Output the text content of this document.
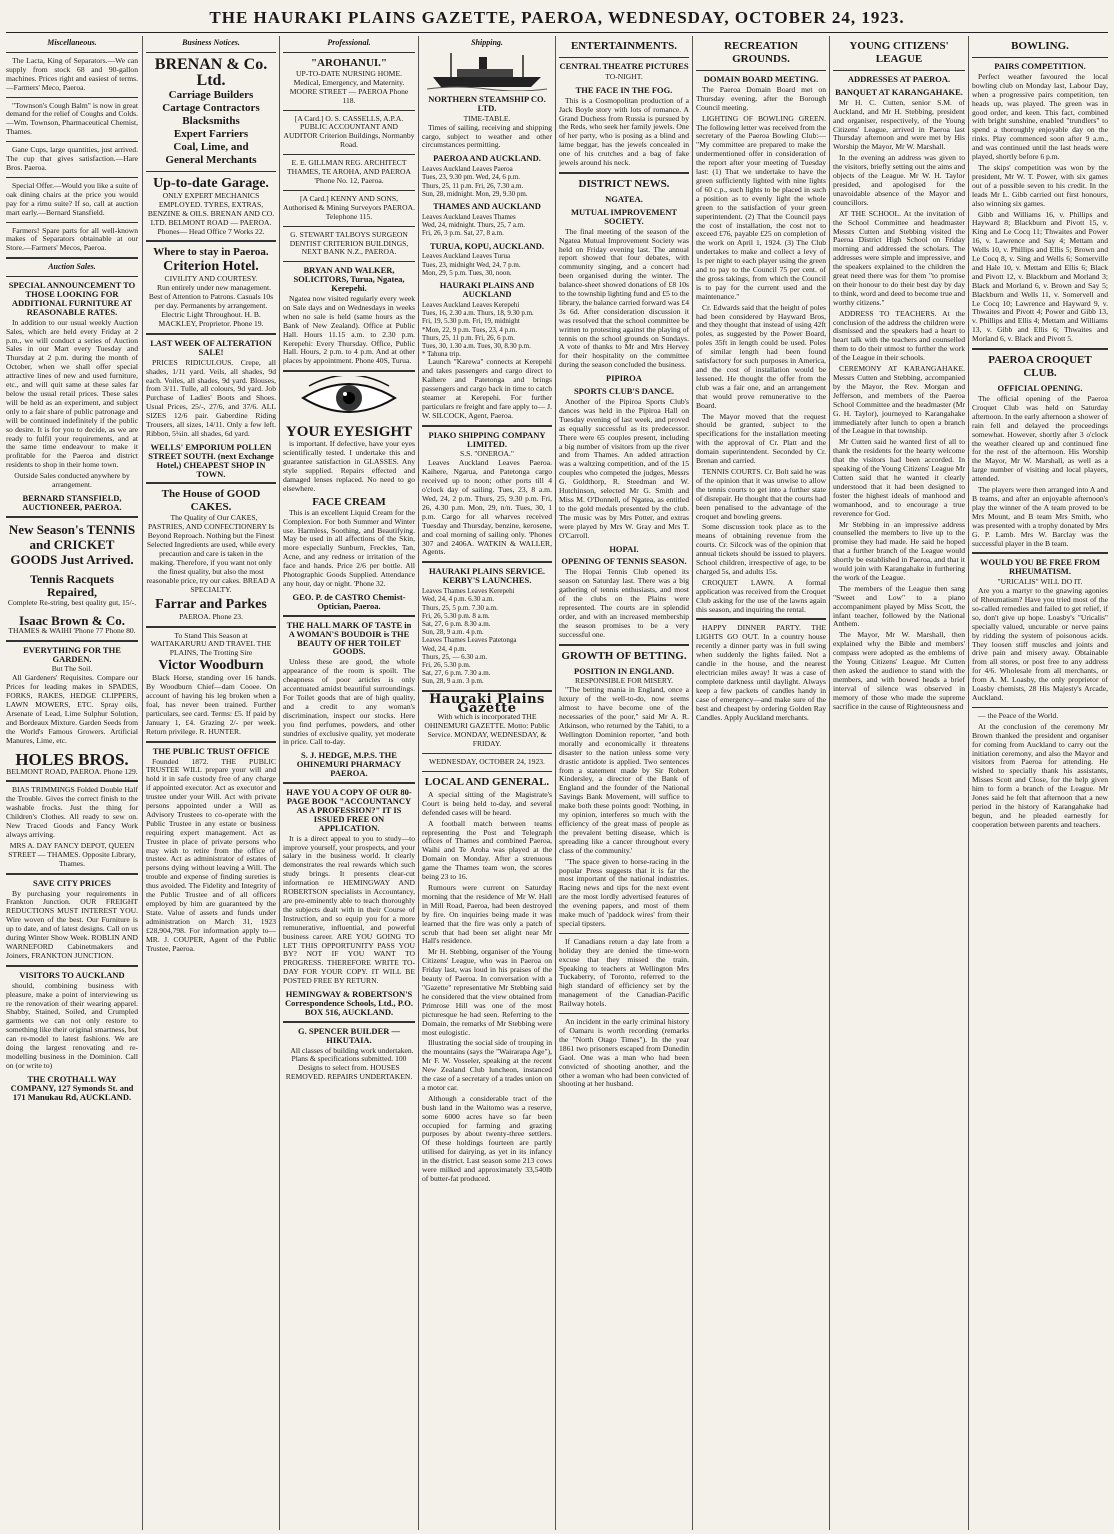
THE HAURAKI PLAINS GAZETTE, PAEROA, WEDNESDAY, OCTOBER 24, 1923.
Miscellaneous.

The Lacta, King of Separators.—We can supply from stock 68 and 90-gallon machines. Prices right and easiest of terms.—Farmers' Meco, Paeroa.

"Townson's Cough Balm" is now in great demand for the relief of Coughs and Colds.—Wm. Townson, Pharmaceutical Chemist, Thames.

Gane Cups, large quantities, just arrived. The cup that gives satisfaction.—Hare Bros. Paeroa.

Special Offer.—Would you like a suite of oak dining chairs at the price you would pay for a rimu suite? If so, call at auction mart early.—Bernard Stansfield.

Farmers! Spare parts for all well-known makes of Separators obtainable at our Store.—Farmers' Mecos, Paeroa.

Auction Sales.
SPECIAL ANNOUNCEMENT TO THOSE LOOKING FOR ADDITIONAL FURNITURE AT REASONABLE RATES.

In addition to our usual weekly Auction Sales, which are held every Friday at 2 p.m., we will conduct a series of Auction Sales in our Mart every Tuesday and Thursday at 2 p.m. during the month of October, when we shall offer special attractive lines of new and used furniture, etc., and will quit same at these sales far below the usual retail prices. These sales will be held as an experiment, and subject only to a fair share of public patronage and will be continued indefinitely if the public so desire. It is for you to decide, as we are ready to fulfil your requirements, and at the same time endeavour to make it profitable for the Paeroa and district residents to shop in their home town.

Outside Sales conducted anywhere by arrangement.
BERNARD STANSFIELD, AUCTIONEER, PAEROA.
New Season's TENNIS and CRICKET GOODS Just Arrived.
Tennis Racquets Repaired,
Complete Re-string, best quality gut, 15/-.
Isaac Brown & Co.
THAMES & WAIHI 'Phone 77 Phone 80.
EVERYTHING FOR THE GARDEN.
But The Soil.

All Gardeners' Requisites. Compare our Prices for leading makes in SPADES, FORKS, RAKES, HEDGE CLIPPERS, LAWN MOWERS, ETC. Spray oils, Arsenate of Lead, Lime Sulphur Solution, and Bordeaux Mixture. Garden Seeds from the World's Famous Growers. Artificial Manures, Lime, etc.

HOLES BROS.
BELMONT ROAD, PAEROA. Phone 129.

BIAS TRIMMINGS Folded Double Half the Trouble. Gives the correct finish to the washable frocks. Just the thing for Children's Clothes. All ready to sew on. New Traced Goods and Fancy Work always arriving.

MRS A. DAY FANCY DEPOT, QUEEN STREET — THAMES. Opposite Library, Thames.
SAVE CITY PRICES

By purchasing your requirements in Frankton Junction. OUR FREIGHT REDUCTIONS MUST INTEREST YOU. Wire woven of the best. Our Furniture is up to date, and of latest designs. Call on us during Winter Show Week. ROBLIN AND WARNEFORD Cabinetmakers and Joiners, FRANKTON JUNCTION.

VISITORS TO AUCKLAND

should, combining business with pleasure, make a point of interviewing us re the renovation of their wearing apparel. Shabby, Stained, Soiled, and Crumpled garments we can not only restore to something like their original smartness, but can re-model to latest fashions. We are doing the largest renovating and re-modelling business in the Dominion. Call on (or write to)

THE CROTHALL WAY COMPANY, 127 Symonds St. and 171 Manukau Rd, AUCKLAND.
Business Notices.
BRENAN & Co. Ltd.
Carriage Builders
Cartage Contractors
Blacksmiths
Expert Farriers
Coal, Lime, and
General Merchants
Up-to-date Garage.
ONLY EXPERT MECHANICS EMPLOYED. TYRES, EXTRAS, BENZINE & OILS. BRENAN AND CO. LTD. BELMONT ROAD — PAEROA. Phones— Head Office 7 Works 22.
Where to stay in Paeroa.
Criterion Hotel.
CIVILITY AND COURTESY.

Run entirely under new management. Best of Attention to Patrons. Casuals 10s per day. Permanents by arrangement. Electric Light Throughout. H. B. MACKLEY, Proprietor. Phone 19.

LAST WEEK OF ALTERATION SALE!

PRICES RIDICULOUS. Crepe, all shades, 1/11 yard. Veils, all shades, 9d each. Voiles, all shades, 9d yard. Blouses, from 3/11. Tulle, all colours, 9d yard. Job Purchase of Ladies' Boots and Shoes. Usual Prices, 25/-, 27/6, and 37/6. ALL SIZES 12/6 pair. Gaberdine Riding Trousers, all sizes, 14/11. Only a few left. Ribbon, 5¼in. all shades, 6d yard.

WELLS' EMPORIUM POLLEN STREET SOUTH. (next Exchange Hotel,) CHEAPEST SHOP IN TOWN.
The House of GOOD CAKES.

The Quality of Our CAKES, PASTRIES, AND CONFECTIONERY Is Beyond Reproach. Nothing but the Finest Selected Ingredients are used, while every precaution and care is taken in the making. Therefore, if you want not only the finest quality, but also the most reasonable price, try our cakes. BREAD A SPECIALTY.

Farrar and Parkes
PAEROA. Phone 23.
To Stand This Season at WAITAKARURU AND TRAVEL THE PLAINS, The Trotting Sire
Victor Woodburn

Black Horse, standing over 16 hands. By Woodburn Chief—dam Cooee. On account of having his leg broken when a foal, has never been trained. Further particulars, see card. Terms: £5. If paid by January 1, £4. Grazing 2/- per week. Return privilege. R. HUNTER.

THE PUBLIC TRUST OFFICE

Founded 1872. THE PUBLIC TRUSTEE WILL prepare your will and hold it in safe custody free of any charge if appointed executor. Act as executor and trustee under your Will. Act with private persons appointed under a Will as Advisory Trustees to co-operate with the Public Trustee in any estate or business requiring expert management. Act as Trustee in place of private persons who may wish to retire from the office of trustee. Act as administrator of estates of persons dying without leaving a Will. The trouble and expense of finding sureties is thus avoided. The Fidelity and Integrity of the Public Trustee and of all officers employed by him are guaranteed by the State. Value of assets and funds under administration on March 31, 1923 £28,904,798. For information apply to— MR. J. COUPER, Agent of the Public Trustee, Paeroa.

Professional.
"AROHANUI."
UP-TO-DATE NURSING HOME. Medical, Emergency, and Maternity. MOORE STREET — PAEROA Phone 118.
[A Card.] O. S. CASSELLS, A.P.A. PUBLIC ACCOUNTANT AND AUDITOR Criterion Buildings, Normanby Road.
E. E. GILLMAN REG. ARCHITECT THAMES, TE AROHA, AND PAEROA 'Phone No. 12, Paeroa.
[A Card.] KENNY AND SONS, Authorised & Mining Surveyors PAEROA. Telephone 115.
G. STEWART TALBOYS SURGEON DENTIST CRITERION BUILDINGS, NEXT BANK N.Z., PAEROA.
BRYAN AND WALKER, SOLICITORS, Turua, Ngatea, Kerepehi.

Ngatea now visited regularly every week on Sale days and on Wednesdays in weeks when no sale is held (same hours as the Bank of New Zealand). Office at Public Hall. Hours 11.15 a.m. to 2.30 p.m. Kerepehi: Every Thursday. Office, Public Hall. Hours, 2 p.m. to 4 p.m. And at other places by appointment. Phone 40S, Turua.

YOUR EYESIGHT

is important. If defective, have your eyes scientifically tested. I undertake this and guarantee satisfaction in GLASSES. Any style supplied. Repairs effected and damaged lenses replaced. No need to go elsewhere.

FACE CREAM

This is an excellent Liquid Cream for the Complexion. For both Summer and Winter use. Harmless, Soothing, and Beautifying. May be used in all affections of the Skin, more especially Sunburn, Freckles, Tan, Acne, and any redness or irritation of the face and hands. Price 2/6 per bottle. All Photographic Goods Supplied. Attendance any hour, day or night. 'Phone 32.

GEO. P. de CASTRO Chemist-Optician, Paeroa.
THE HALL MARK OF TASTE in A WOMAN'S BOUDOIR is THE BEAUTY OF HER TOILET GOODS.

Unless these are good, the whole appearance of the room is spoilt. The cheapness of poor articles is only accentuated amidst beautiful surroundings. For Toilet goods that are of high quality, and a credit to any woman's discrimination, inspect our stocks. Here you find perfumes, powders, and other sundries of exclusive quality, yet moderate in price. Call to-day.

S. J. HEDGE, M.P.S. THE OHINEMURI PHARMACY PAEROA.
HAVE YOU A COPY OF OUR 80-PAGE BOOK "ACCOUNTANCY AS A PROFESSION?" IT IS ISSUED FREE ON APPLICATION.

It is a direct appeal to you to study—to improve yourself, your prospects, and your salary in the business world. It clearly demonstrates the real rewards which such study brings. It presents clear-cut information re HEMINGWAY AND ROBERTSON specialists in Accountancy, are pre-eminently able to teach thoroughly the subjects dealt with in their Course of Instruction, and so equip you for a more remunerative, influential, and powerful business career. ARE YOU GOING TO LET THIS OPPORTUNITY PASS YOU BY? NOT IF YOU WANT TO PROGRESS. THEREFORE WRITE TO-DAY FOR YOUR COPY. IT WILL BE POSTED FREE BY RETURN.

HEMINGWAY & ROBERTSON'S Correspondence Schools, Ltd., P.O. BOX 516, AUCKLAND.
G. SPENCER BUILDER — HIKUTAIA.

All classes of building work undertaken. Plans & specifications submitted. 100 Designs to select from. HOUSES REMOVED. REPAIRS UNDERTAKEN.

Shipping.
NORTHERN STEAMSHIP CO. LTD.
TIME-TABLE.

Times of sailing, receiving and shipping cargo, subject to weather and other circumstances permitting.

PAEROA AND AUCKLAND.
Leaves Auckland Leaves Paeroa
Tues, 23, 9.30 pm. Wed, 24, 6 p.m.
Thurs, 25, 11 p.m. Fri, 26, 7.30 a.m.
Sun, 28, midnight. Mon, 29, 9.30 pm.
THAMES AND AUCKLAND
Leaves Auckland Leaves Thames
Wed, 24, midnight. Thurs, 25, 7 a.m.
Fri, 26, 3 p.m. Sat, 27, 8 a.m.
TURUA, KOPU, AUCKLAND.
Leaves Auckland Leaves Turua
Tues, 23, midnight Wed, 24, 7 p.m.
Mon, 29, 5 p.m. Tues, 30, noon.
HAURAKI PLAINS AND AUCKLAND
Leaves Auckland Leaves Kerepehi
Tues, 16, 2.30 a.m. Thurs, 18, 9.30 p.m.
Fri, 19, 5.30 p.m. Fri, 19, midnight
*Mon, 22, 9 p.m. Tues, 23, 4 p.m.
Thurs, 25, 11 p.m. Fri, 26, 6 p.m.
Tues, 30, 1.30 a.m. Tues, 30, 8.30 p.m.
* Tahuna trip.

Launch "Karewa" connects at Kerepehi and takes passengers and cargo direct to Kaihere and Patetonga and brings passengers and cargo back in time to catch steamer at Kerepehi. For further particulars re freight and fare apply to— J. W. SILCOCK, Agent, Paeroa.

PIAKO SHIPPING COMPANY LIMITED.
S.S. "ONEROA."

Leaves Auckland Leaves Paeroa. Kaihere, Ngarua, and Patetonga cargo received up to noon; other ports till 4 o'clock day of sailing. Tues, 23, 8 a.m. Wed, 24, 2 p.m. Thurs, 25, 9.30 p.m. Fri, 26, 4.30 p.m. Mon, 29, n/n. Tues, 30, 1 p.m. Cargo for all wharves received Tuesday and Thursday, benzine, kerosene, and coal morning of sailing only. 'Phones 307 and 2406A. WATKIN & WALLER, Agents.

HAURAKI PLAINS SERVICE. KERBY'S LAUNCHES.
Leaves Thames Leaves Kerepehi
Wed, 24, 4 p.m. 6.30 a.m.
Thurs, 25, 5 p.m. 7.30 a.m.
Fri, 26, 5.30 p.m. 8 a.m.
Sat, 27, 6 p.m. 8.30 a.m.
Sun, 28, 9 a.m. 4 p.m.
Leaves Thames Leaves Patetonga
Wed, 24, 4 p.m.
Thurs, 25, — 6.30 a.m.
Fri, 26, 5.30 p.m.
Sat, 27, 6 p.m. 7.30 a.m.
Sun, 28, 9 a.m. 3 p.m.
Hauraki Plains Gazette
With which is incorporated THE OHINEMURI GAZETTE. Motto: Public Service. MONDAY, WEDNESDAY, & FRIDAY.
WEDNESDAY, OCTOBER 24, 1923.
LOCAL AND GENERAL.

A special sitting of the Magistrate's Court is being held to-day, and several defended cases will be heard.

A football match between teams representing the Post and Telegraph offices of Thames and combined Paeroa, Waihi and Te Aroha was played at the Domain on Monday. After a strenuous game the Thames team won, the scores being 23 to 16.

Rumours were current on Saturday morning that the residence of Mr W. Hall in Mill Road, Paeroa, had been destroyed by fire. On inquiries being made it was learned that the fire was only a patch of scrub that had been set alight near Mr Hall's residence.

Mr H. Stebbing, organiser of the Young Citizens' League, who was in Paeroa on Friday last, was loud in his praises of the beauty of Paeroa. In conversation with a "Gazette" representative Mr Stebbing said he considered that the view obtained from Primrose Hill was one of the most picturesque he had seen. Referring to the Domain, the remarks of Mr Stebbing were most eulogistic.

Illustrating the social side of trouping in the mountains (says the "Wairarapa Age"), Mr F. W. Vosseler, speaking at the recent New Zealand Club luncheon, instanced the case of a secretary of a trades union on a motor car.

Although a considerable tract of the bush land in the Waitomo was a reserve, some 6000 acres have so far been occupied for farming and grazing purposes by about twenty-three settlers. Of these holdings fourteen are partly utilised for dairying, as yet in its infancy in the district. Last season some 213 cows were milked and approximately 33,540lb of butter-fat produced.

ENTERTAINMENTS.
CENTRAL THEATRE PICTURES
TO-NIGHT.
THE FACE IN THE FOG.

This is a Cosmopolitan production of a Jack Boyle story with lots of romance. A Grand Duchess from Russia is pursued by the Reds, who seek her family jewels. One of her party, who is posing as a blind and lame beggar, has the jewels concealed in one of his crutches and a bag of fake jewels around his neck.

DISTRICT NEWS.
NGATEA.
MUTUAL IMPROVEMENT SOCIETY.

The final meeting of the season of the Ngatea Mutual Improvement Society was held on Friday evening last. The annual report showed that four debates, with community singing, and a concert had been organised during the winter. The balance-sheet showed donations of £8 10s to the township lighting fund and £5 to the library, the balance carried forward was £4 3s 6d. After consideration discussion it was resolved that the school committee be written to protesting against the playing of tennis on the school grounds on Sundays. A vote of thanks to Mr and Mrs Hervey for their hospitality on the committee during the season concluded the business.

PIPIROA
SPORTS CLUB'S DANCE.

Another of the Pipiroa Sports Club's dances was held in the Pipiroa Hall on Tuesday evening of last week, and proved as equally successful as its predecessor. There were 65 couples present, including a big number of visitors from up the river and from Thames. An added attraction was a waltzing competition, and of the 15 couples who competed the judges, Messrs G. Goldthorp, R. Steedman and W. Hutchinson, selected Mr G. Smith and Miss M. O'Donnell, of Ngatea, as entitled to the gold medals presented by the club. The music was by Mrs Potter, and extras were played by Mrs W. Gray and Mrs T. O'Carroll.

HOPAI.
OPENING OF TENNIS SEASON.

The Hopai Tennis Club opened its season on Saturday last. There was a big gathering of tennis enthusiasts, and most of the clubs on the Plains were represented. The courts are in splendid order, and with an increased membership the season promises to be a very successful one.

GROWTH OF BETTING.
POSITION IN ENGLAND.
RESPONSIBLE FOR MISERY.

"The betting mania in England, once a luxury of the well-to-do, now seems almost to have become one of the necessaries of the poor," said Mr A. R. Atkinson, who returned by the Tahiti, to a Wellington Dominion reporter, "and both morally and economically it threatens disaster to the nation unless some very drastic antidote is applied. Two sentences from a statement made by Sir Robert Kindersley, a director of the Bank of England and the founder of the National Savings Bank Movement, will suffice to make both these points good: 'Nothing, in my opinion, interferes so much with the efficiency of the great mass of people as the prevalent betting disease, which is spreading like a cancer throughout every class of the community.'

"The space given to horse-racing in the popular Press suggests that it is far the most important of the national industries. Racing news and tips for the next event are the most lordly advertised features of the evening papers, and most of them make much of 'paddock wires' from their special tipsters.

If Canadians return a day late from a holiday they are denied the time-worn excuse that they missed the train. Speaking to teachers at Wellington Mrs Tuckaberry, of Toronto, referred to the high standard of efficiency set by the management of the Canadian-Pacific Railway hotels.

An incident in the early criminal history of Oamaru is worth recording (remarks the "North Otago Times"). In the year 1861 two prisoners escaped from Dunedin Gaol. One was a man who had been convicted of shooting another, and the other a woman who had been convicted of shooting at her husband.

RECREATION GROUNDS.
DOMAIN BOARD MEETING.

The Paeroa Domain Board met on Thursday evening, after the Borough Council meeting.

LIGHTING OF BOWLING GREEN. The following letter was received from the secretary of the Paeroa Bowling Club:— "My committee are prepared to make the undermentioned offer in consideration of the report after your meeting of Tuesday last: (1) That we undertake to have the green sufficiently lighted with nine lights of 60 c.p., such lights to be placed in such a position as to evenly light the whole green to the satisfaction of your green superintendent. (2) That the Council pays the cost of installation, the cost not to exceed £76, payable £25 on completion of the work on April 1, 1924. (3) The Club undertakes to make and collect a levy of 1s per night to each player using the green and to pay to the Council 75 per cent. of the gross takings, from which the Council is to pay for the current used and the maintenance."

Cr. Edwards said that the height of poles had been considered by Hayward Bros, and they thought that instead of using 42ft poles, as suggested by the Power Board, poles 35ft in length could be used. Poles of similar length had been found satisfactory for such purposes in America, and the cost of installation would be lessened. He thought the offer from the club was a fair one, and an arrangement that would prove remunerative to the Board.

The Mayor moved that the request should be granted, subject to the specifications for the installation meeting with the approval of Cr. Platt and the domain superintendent. Seconded by Cr. Brenan and carried.

TENNIS COURTS. Cr. Bolt said he was of the opinion that it was unwise to allow the tennis courts to get into a further state of disrepair. He thought that the courts had been penalised to the advantage of the croquet and bowling greens.

Some discussion took place as to the means of obtaining revenue from the courts. Cr. Silcock was of the opinion that annual tickets should be issued to players. School children, irrespective of age, to be charged 5s, and adults 15s.

CROQUET LAWN. A formal application was received from the Croquet Club asking for the use of the lawns again this season, and inquiring the rental.

HAPPY DINNER PARTY. THE LIGHTS GO OUT. In a country house recently a dinner party was in full swing when suddenly the lights failed. Not a candle in the house, and the nearest electrician miles away! It was a case of complete darkness until daylight. Always keep a few packets of candles handy in case of emergency—and make sure of the best and cheapest by ordering Golden Ray Candles. Apply Auckland merchants.

YOUNG CITIZENS' LEAGUE
ADDRESSES AT PAEROA.
BANQUET AT KARANGAHAKE.

Mr H. C. Cutten, senior S.M. of Auckland, and Mr H. Stebbing, president and organiser, respectively, of the Young Citizens' League, arrived in Paeroa last Thursday afternoon and were met by His Worship the Mayor, Mr W. Marshall.

In the evening an address was given to the visitors, briefly setting out the aims and objects of the League. Mr W. H. Taylor presided, and apologised for the unavoidable absence of the Mayor and councillors.

AT THE SCHOOL. At the invitation of the School Committee and headmaster Messrs Cutten and Stebbing visited the Paeroa District High School on Friday morning and addressed the scholars. The addresses were simple and impressive, and the speakers explained to the children the great need there was for them "to promise on their honour to do their best day by day to think, word and deed to become true and worthy citizens."

ADDRESS TO TEACHERS. At the conclusion of the address the children were dismissed and the speakers had a heart to heart talk with the teachers and counselled them to do their utmost to further the work of the League in their schools.

CEREMONY AT KARANGAHAKE. Messrs Cutten and Stebbing, accompanied by the Mayor, the Rev. Morgan and Jefferson, and members of the Paeroa School Committee and the headmaster (Mr G. H. Taylor), journeyed to Karangahake immediately after lunch to open a branch of the League in that township.

Mr Cutten said he wanted first of all to thank the residents for the hearty welcome that the visitors had been accorded. In speaking of the Young Citizens' League Mr Cutten said that he wanted it clearly understood that it had been designed to foster the highest ideals of manhood and womanhood, and to encourage a true reverence for God.

Mr Stebbing in an impressive address counselled the members to live up to the promise they had made. He said he hoped that a further branch of the League would shortly be established in Paeroa, and that it would join with Karangahake in furthering the work of the League.

The members of the League then sang "Sweet and Low" to a piano accompaniment played by Miss Scott, the infant teacher, followed by the National Anthem.

The Mayor, Mr W. Marshall, then explained why the Bible and members' compass were adopted as the emblems of the Young Citizens' League. Mr Cutten then asked the audience to stand with the members, and with bowed heads a brief interval of silence was observed in memory of those who made the supreme sacrifice in the cause of Righteousness and

BOWLING.
PAIRS COMPETITION.

Perfect weather favoured the local bowling club on Monday last, Labour Day, when a progressive pairs competition, ten heads up, was played. The green was in good order, and keen. This fact, combined with bright sunshine, enabled "trundlers" to spend a thoroughly enjoyable day on the rinks. Play commenced soon after 9 a.m., and was continued until the last heads were played, shortly before 6 p.m.

The skips' competition was won by the president, Mr W. T. Power, with six games out of a possible seven to his credit. In the leads Mr L. Gibb carried out first honours, also winning six games.

Gibb and Williams 16, v. Phillips and Hayward 8; Blackburn and Pivott 15, v. King and Le Cocq 11; Thwaites and Power 16, v. Lawrence and Say 4; Mettam and Wells 10, v. Phillips and Ellis 5; Brown and Le Cocq 8, v. Sing and Wells 6; Somerville and Hale 10, v. Mettam and Ellis 6; Black and Pivott 12, v. Blackburn and Morland 3; Black and Morland 6, v. Brown and Say 5; Blackburn and Wells 11, v. Somervell and Le Cocq 10; Lawrence and Hayward 9, v. Thwaites and Pivott 4; Power and Gibb 13, v. Phillips and Ellis 4; Mettam and Williams 13, v. Gibb and Ellis 6; Thwaites and Morland 6, v. Black and Pivott 5.

PAEROA CROQUET CLUB.
OFFICIAL OPENING.

The official opening of the Paeroa Croquet Club was held on Saturday afternoon. In the early afternoon a shower of rain fell and delayed the proceedings somewhat. However, shortly after 3 o'clock the weather cleared up and continued fine for the rest of the afternoon. His Worship the Mayor, Mr W. Marshall, as well as a large number of visiting and local players, attended.

The players were then arranged into A and B teams, and after an enjoyable afternoon's play the winner of the A team proved to be Mrs Mount, and B team Mrs Smith, who was presented with a trophy donated by Mrs G. P. Lamb. Mrs W. Barclay was the successful player in the B team.

WOULD YOU BE FREE FROM RHEUMATISM.
"URICALIS" WILL DO IT.

Are you a martyr to the gnawing agonies of Rheumatism? Have you tried most of the so-called remedies and failed to get relief, if so, don't give up hope. Loasby's "Uricalis" specially valued, uncurable or nerve pains by ridding the system of poisonous acids. They loosen stiff muscles and joints and drive pain and misery away. Obtainable from all stores, or post free to any address for 4/6. Wholesale from all merchants, or from A. M. Loasby, the only proprietor of Loasby chemists, 28 His Majesty's Arcade, Auckland.

— the Peace of the World.

At the conclusion of the ceremony Mr Brown thanked the president and organiser for coming from Auckland to carry out the initiation ceremony, and also the Mayor and visitors from Paeroa for attending. He wished to specially thank his assistants, Misses Scott and Close, for the help given him to form a branch of the League. Mr Jones said he felt that afternoon that a new period in the history of Karangahake had begun, and he pleaded earnestly for cooperation between parents and teachers.
